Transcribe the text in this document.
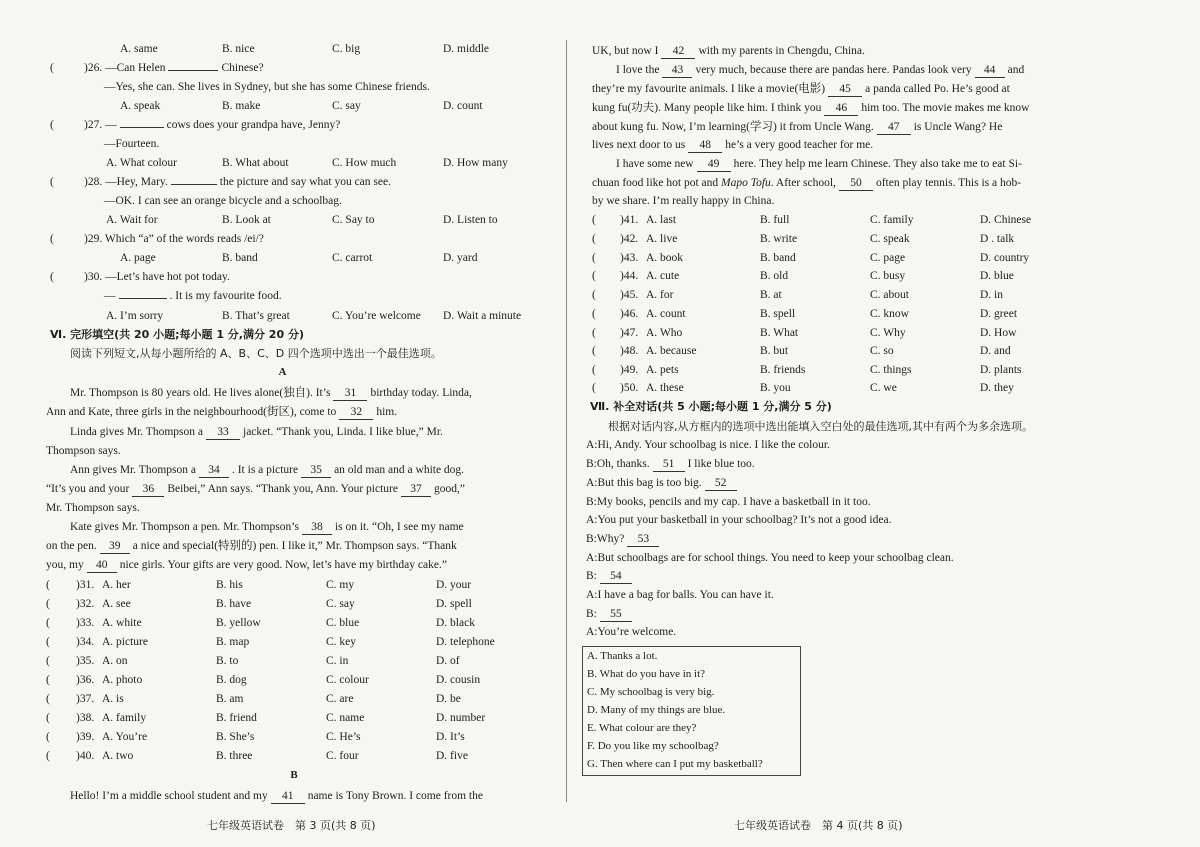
A. same	B. nice	C. big	D. middle
(	)26. —Can Helen	Chinese?
—Yes, she can. She lives in Sydney, but she has some Chinese friends.
A. speak	B. make	C. say	D. count
(	)27. —	cows does your grandpa have, Jenny?
—Fourteen.
A. What colour	B. What about	C. How much	D. How many
(	)28. —Hey, Mary.	the picture and say what you can see.
—OK. I can see an orange bicycle and a schoolbag.
A. Wait for	B. Look at	C. Say to	D. Listen to
(	)29. Which “a” of the words reads /ei/?
A. page	B. band	C. carrot	D. yard
(	)30. —Let’s have hot pot today.
—	. It is my favourite food.
A. I’m sorry	B. That’s great	C. You’re welcome D. Wait a minute
Ⅵ. 完形填空(共 20 小题;每小题 1 分,满分 20 分)
阅读下列短文,从每小题所给的 A、B、C、D 四个选项中选出一个最佳选项。
A
Mr. Thompson is 80 years old. He lives alone(独自). It’s 31 birthday today. Linda,
Ann and Kate, three girls in the neighbourhood(街区), come to 32 him.
Linda gives Mr. Thompson a 33 jacket. “Thank you, Linda. I like blue,” Mr.
Thompson says.
Ann gives Mr. Thompson a 34 . It is a picture 35 an old man and a white dog.
“It’s you and your 36 Beibei,” Ann says. “Thank you, Ann. Your picture 37 good,”
Mr. Thompson says.
Kate gives Mr. Thompson a pen. Mr. Thompson’s 38 is on it. “Oh, I see my name
on the pen. 39 a nice and special(特别的) pen. I like it,” Mr. Thompson says. “Thank
you, my 40 nice girls. Your gifts are very good. Now, let’s have my birthday cake.”
( )31. A. her	B. his	C. my	D. your
( )32. A. see	B. have	C. say	D. spell
( )33. A. white	B. yellow	C. blue	D. black
( )34. A. picture	B. map	C. key	D. telephone
( )35. A. on	B. to	C. in	D. of
( )36. A. photo	B. dog	C. colour	D. cousin
( )37. A. is	B. am	C. are	D. be
( )38. A. family	B. friend	C. name	D. number
( )39. A. You’re	B. She’s	C. He’s	D. It’s
( )40. A. two	B. three	C. four	D. five
B
Hello! I’m a middle school student and my 41 name is Tony Brown. I come from the
七年级英语试卷　第 3 页(共 8 页)
UK, but now I 42 with my parents in Chengdu, China.
I love the 43 very much, because there are pandas here. Pandas look very 44 and
they’re my favourite animals. I like a movie(电影) 45 a panda called Po. He’s good at
kung fu(功夫). Many people like him. I think you 46 him too. The movie makes me know
about kung fu. Now, I’m learning(学习) it from Uncle Wang. 47 is Uncle Wang? He
lives next door to us 48 he’s a very good teacher for me.
I have some new 49 here. They help me learn Chinese. They also take me to eat Si-
chuan food like hot pot and Mapo Tofu. After school, 50 often play tennis. This is a hob-
by we share. I’m really happy in China.
( )41. A. last	B. full	C. family	D. Chinese
( )42. A. live	B. write	C. speak	D . talk
( )43. A. book	B. band	C. page	D. country
( )44. A. cute	B. old	C. busy	D. blue
( )45. A. for	B. at	C. about	D. in
( )46. A. count	B. spell	C. know	D. greet
( )47. A. Who	B. What	C. Why	D. How
( )48. A. because	B. but	C. so	D. and
( )49. A. pets	B. friends	C. things	D. plants
( )50. A. these	B. you	C. we	D. they
Ⅶ. 补全对话(共 5 小题;每小题 1 分,满分 5 分)
根据对话内容,从方框内的选项中选出能填入空白处的最佳选项,其中有两个为多余选项。
A:Hi, Andy. Your schoolbag is nice. I like the colour.
B:Oh, thanks. 51 I like blue too.
A:But this bag is too big. 52
B:My books, pencils and my cap. I have a basketball in it too.
A:You put your basketball in your schoolbag? It’s not a good idea.
B:Why? 53
A:But schoolbags are for school things. You need to keep your schoolbag clean.
B: 54
A:I have a bag for balls. You can have it.
B: 55
A:You’re welcome.
A. Thanks a lot.
B. What do you have in it?
C. My schoolbag is very big.
D. Many of my things are blue.
E. What colour are they?
F. Do you like my schoolbag?
G. Then where can I put my basketball?
七年级英语试卷　第 4 页(共 8 页)
